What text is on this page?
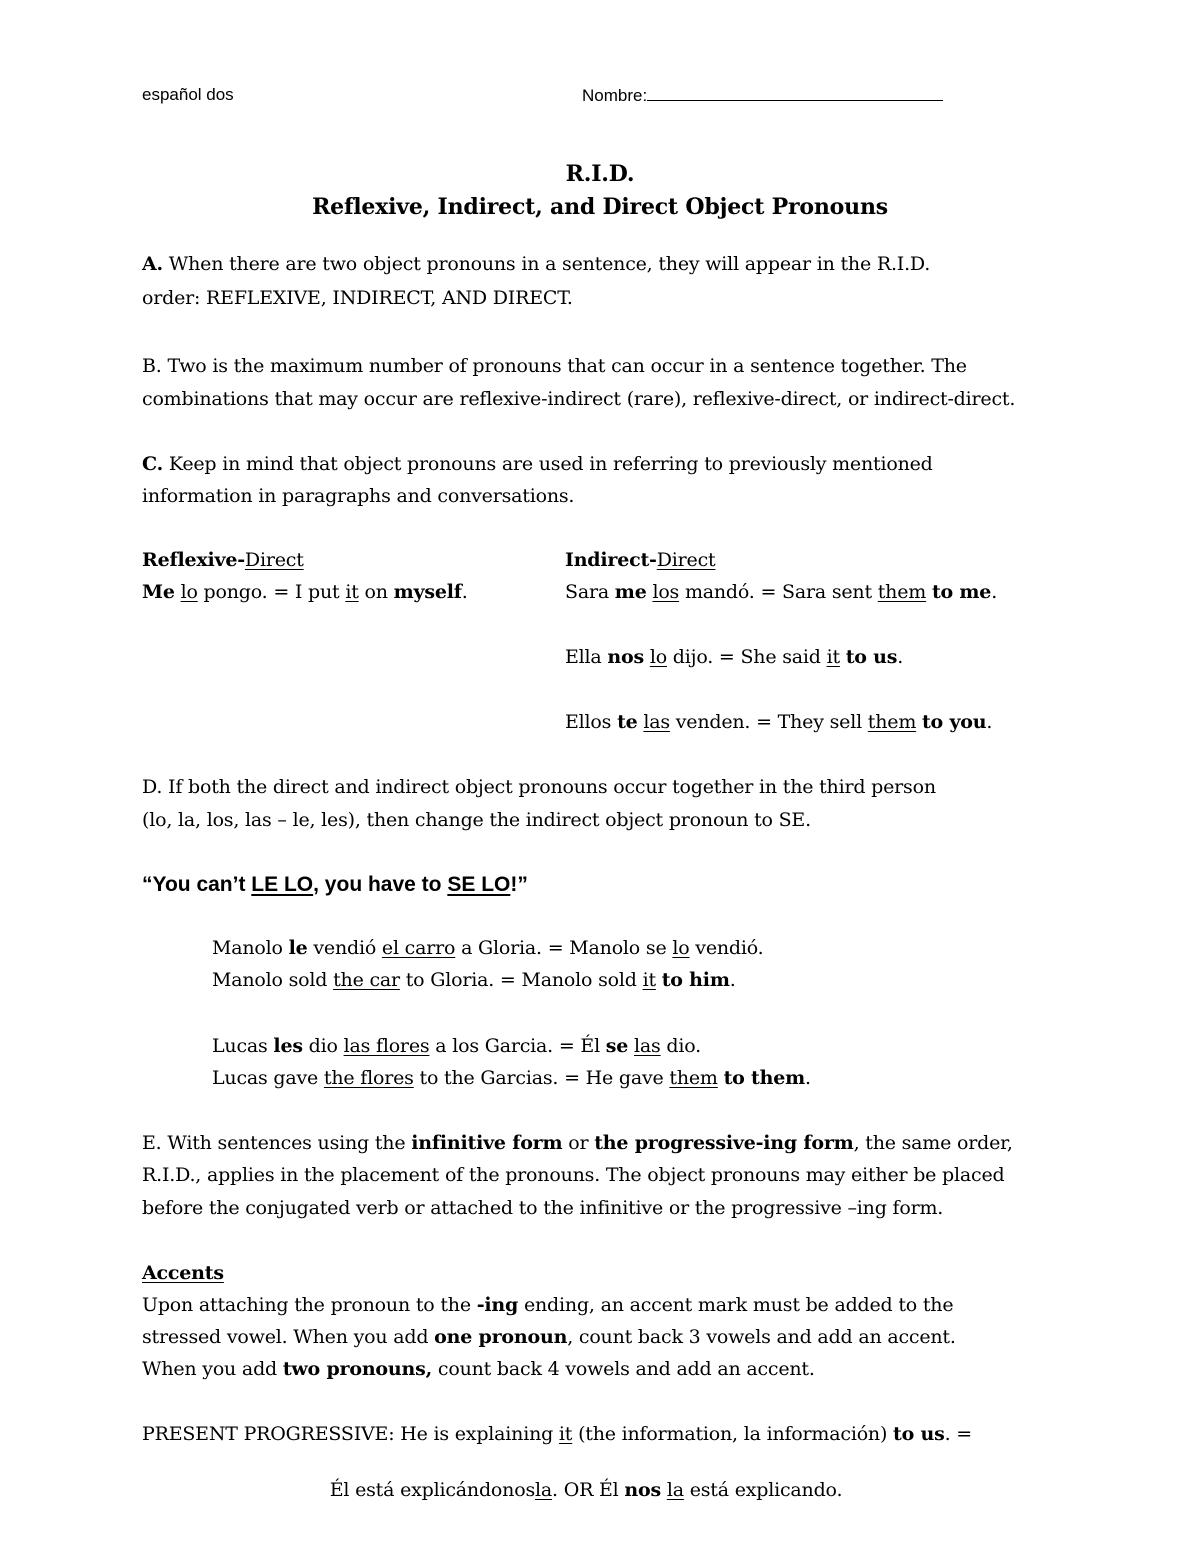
español dos	Nombre:
R.I.D.
Reflexive, Indirect, and Direct Object Pronouns
A. When there are two object pronouns in a sentence, they will appear in the R.I.D.
order: REFLEXIVE, INDIRECT, AND DIRECT.
B. Two is the maximum number of pronouns that can occur in a sentence together. The
combinations that may occur are reflexive-indirect (rare), reflexive-direct, or indirect-direct.
C. Keep in mind that object pronouns are used in referring to previously mentioned
information in paragraphs and conversations.
Reflexive-Direct
Me lo pongo. = I put it on myself.
Indirect-Direct
Sara me los mandó. = Sara sent them to me.
Ella nos lo dijo. = She said it to us.
Ellos te las venden. = They sell them to you.
D. If both the direct and indirect object pronouns occur together in the third person
(lo, la, los, las – le, les), then change the indirect object pronoun to SE.
“You can’t LE LO, you have to SE LO!”
Manolo le vendió el carro a Gloria. = Manolo se lo vendió.
Manolo sold the car to Gloria. = Manolo sold it to him.
Lucas les dio las flores a los Garcia. = Él se las dio.
Lucas gave the flores to the Garcias. = He gave them to them.
E. With sentences using the infinitive form or the progressive-ing form, the same order,
R.I.D., applies in the placement of the pronouns. The object pronouns may either be placed
before the conjugated verb or attached to the infinitive or the progressive –ing form.
Accents
Upon attaching the pronoun to the -ing ending, an accent mark must be added to the
stressed vowel. When you add one pronoun, count back 3 vowels and add an accent.
When you add two pronouns, count back 4 vowels and add an accent.
PRESENT PROGRESSIVE: He is explaining it (the information, la información) to us. =
Él está explicándonosla. OR Él nos la está explicando.
